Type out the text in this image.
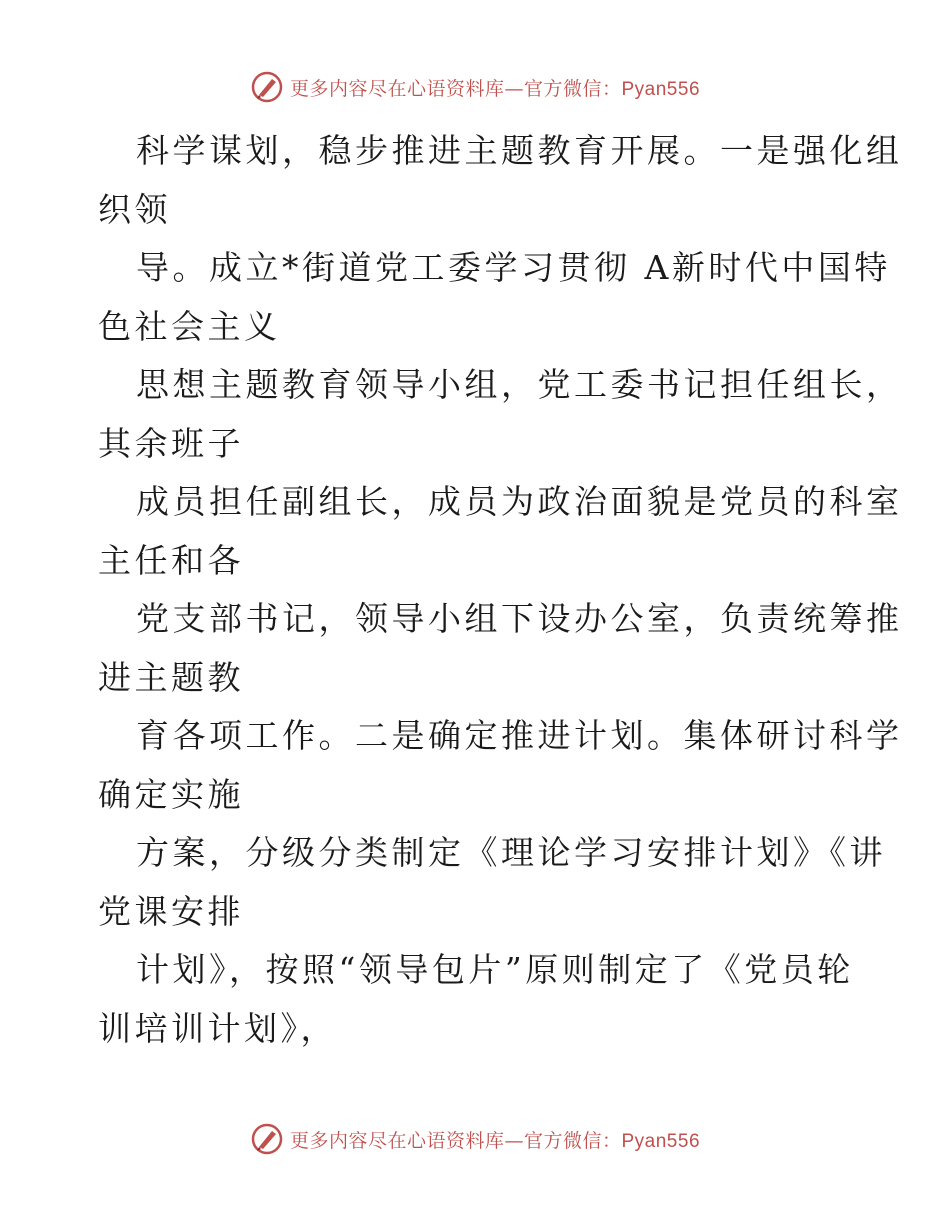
更多内容尽在心语资料库—官方微信：Pyan556
科学谋划，稳步推进主题教育开展。一是强化组
织领
导。成立*街道党工委学习贯彻 A新时代中国特
色社会主义
思想主题教育领导小组，党工委书记担任组长，
其余班子
成员担任副组长，成员为政治面貌是党员的科室
主任和各
党支部书记，领导小组下设办公室，负责统筹推
进主题教
育各项工作。二是确定推进计划。集体研讨科学
确定实施
方案，分级分类制定《理论学习安排计划》《讲
党课安排
计划》，按照“领导包片”原则制定了《党员轮
训培训计划》，
更多内容尽在心语资料库—官方微信：Pyan556
